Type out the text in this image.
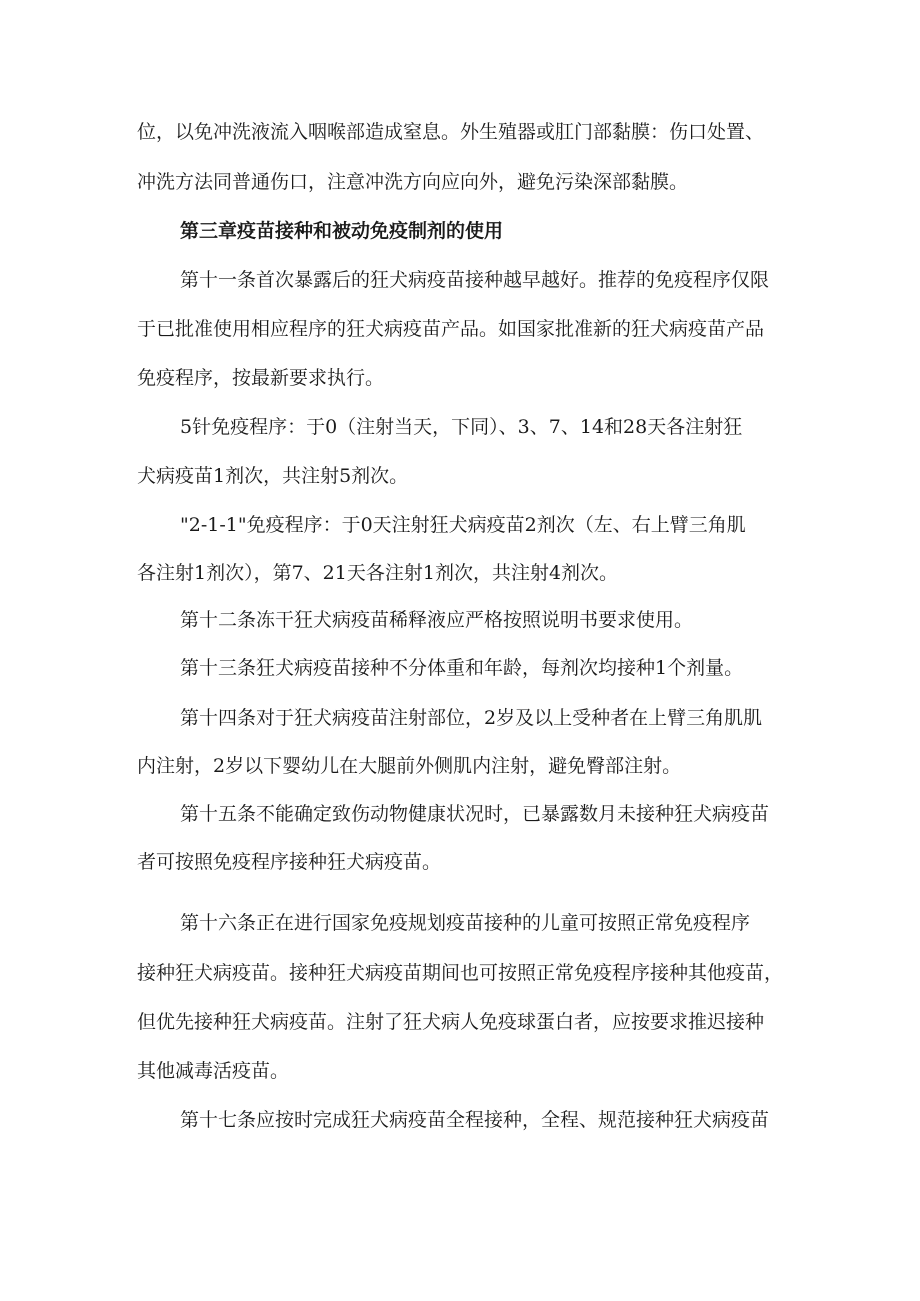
位，以免冲洗液流入咽喉部造成窒息。外生殖器或肛门部黏膜：伤口处置、
冲洗方法同普通伤口，注意冲洗方向应向外，避免污染深部黏膜。
第三章疫苗接种和被动免疫制剂的使用
第十一条首次暴露后的狂犬病疫苗接种越早越好。推荐的免疫程序仅限
于已批准使用相应程序的狂犬病疫苗产品。如国家批准新的狂犬病疫苗产品
免疫程序，按最新要求执行。
5针免疫程序：于0（注射当天，下同）、3、7、14和28天各注射狂
犬病疫苗1剂次，共注射5剂次。
"2-1-1"免疫程序：于0天注射狂犬病疫苗2剂次（左、右上臂三角肌
各注射1剂次），第7、21天各注射1剂次，共注射4剂次。
第十二条冻干狂犬病疫苗稀释液应严格按照说明书要求使用。
第十三条狂犬病疫苗接种不分体重和年龄，每剂次均接种1个剂量。
第十四条对于狂犬病疫苗注射部位，2岁及以上受种者在上臂三角肌肌
内注射，2岁以下婴幼儿在大腿前外侧肌内注射，避免臀部注射。
第十五条不能确定致伤动物健康状况时，已暴露数月未接种狂犬病疫苗
者可按照免疫程序接种狂犬病疫苗。
第十六条正在进行国家免疫规划疫苗接种的儿童可按照正常免疫程序
接种狂犬病疫苗。接种狂犬病疫苗期间也可按照正常免疫程序接种其他疫苗，
但优先接种狂犬病疫苗。注射了狂犬病人免疫球蛋白者，应按要求推迟接种
其他减毒活疫苗。
第十七条应按时完成狂犬病疫苗全程接种，全程、规范接种狂犬病疫苗
